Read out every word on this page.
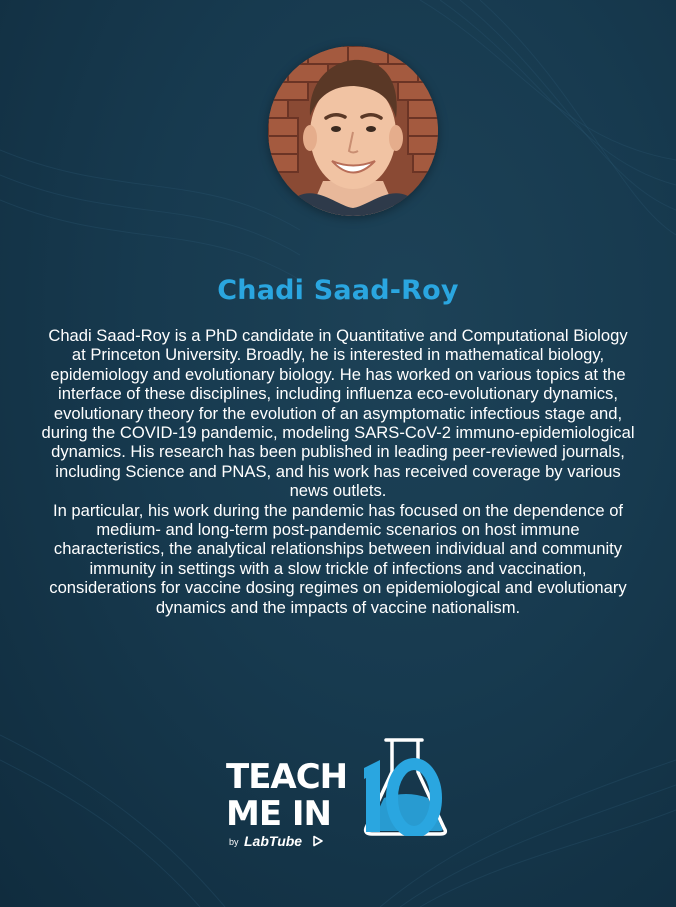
Chadi Saad-Roy

Chadi Saad-Roy is a PhD candidate in Quantitative and Computational Biology at Princeton University. Broadly, he is interested in mathematical biology, epidemiology and evolutionary biology. He has worked on various topics at the interface of these disciplines, including influenza eco-evolutionary dynamics, evolutionary theory for the evolution of an asymptomatic infectious stage and, during the COVID-19 pandemic, modeling SARS-CoV-2 immuno-epidemiological dynamics. His research has been published in leading peer-reviewed journals, including Science and PNAS, and his work has received coverage by various news outlets.

In particular, his work during the pandemic has focused on the dependence of medium- and long-term post-pandemic scenarios on host immune characteristics, the analytical relationships between individual and community immunity in settings with a slow trickle of infections and vaccination, considerations for vaccine dosing regimes on epidemiological and evolutionary dynamics and the impacts of vaccine nationalism.

TEACH
ME IN
by LabTube
